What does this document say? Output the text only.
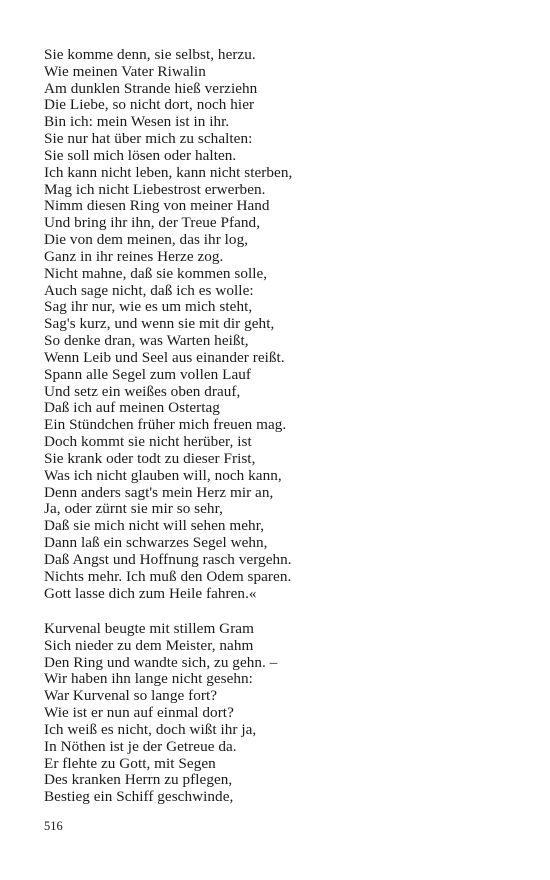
Sie komme denn, sie selbst, herzu.
Wie meinen Vater Riwalin
Am dunklen Strande hieß verziehn
Die Liebe, so nicht dort, noch hier
Bin ich: mein Wesen ist in ihr.
Sie nur hat über mich zu schalten:
Sie soll mich lösen oder halten.
Ich kann nicht leben, kann nicht sterben,
Mag ich nicht Liebestrost erwerben.
Nimm diesen Ring von meiner Hand
Und bring ihr ihn, der Treue Pfand,
Die von dem meinen, das ihr log,
Ganz in ihr reines Herze zog.
Nicht mahne, daß sie kommen solle,
Auch sage nicht, daß ich es wolle:
Sag ihr nur, wie es um mich steht,
Sag's kurz, und wenn sie mit dir geht,
So denke dran, was Warten heißt,
Wenn Leib und Seel aus einander reißt.
Spann alle Segel zum vollen Lauf
Und setz ein weißes oben drauf,
Daß ich auf meinen Ostertag
Ein Stündchen früher mich freuen mag.
Doch kommt sie nicht herüber, ist
Sie krank oder todt zu dieser Frist,
Was ich nicht glauben will, noch kann,
Denn anders sagt's mein Herz mir an,
Ja, oder zürnt sie mir so sehr,
Daß sie mich nicht will sehen mehr,
Dann laß ein schwarzes Segel wehn,
Daß Angst und Hoffnung rasch vergehn.
Nichts mehr. Ich muß den Odem sparen.
Gott lasse dich zum Heile fahren.«
Kurvenal beugte mit stillem Gram
Sich nieder zu dem Meister, nahm
Den Ring und wandte sich, zu gehn. –
Wir haben ihn lange nicht gesehn:
War Kurvenal so lange fort?
Wie ist er nun auf einmal dort?
Ich weiß es nicht, doch wißt ihr ja,
In Nöthen ist je der Getreue da.
Er flehte zu Gott, mit Segen
Des kranken Herrn zu pflegen,
Bestieg ein Schiff geschwinde,
516
